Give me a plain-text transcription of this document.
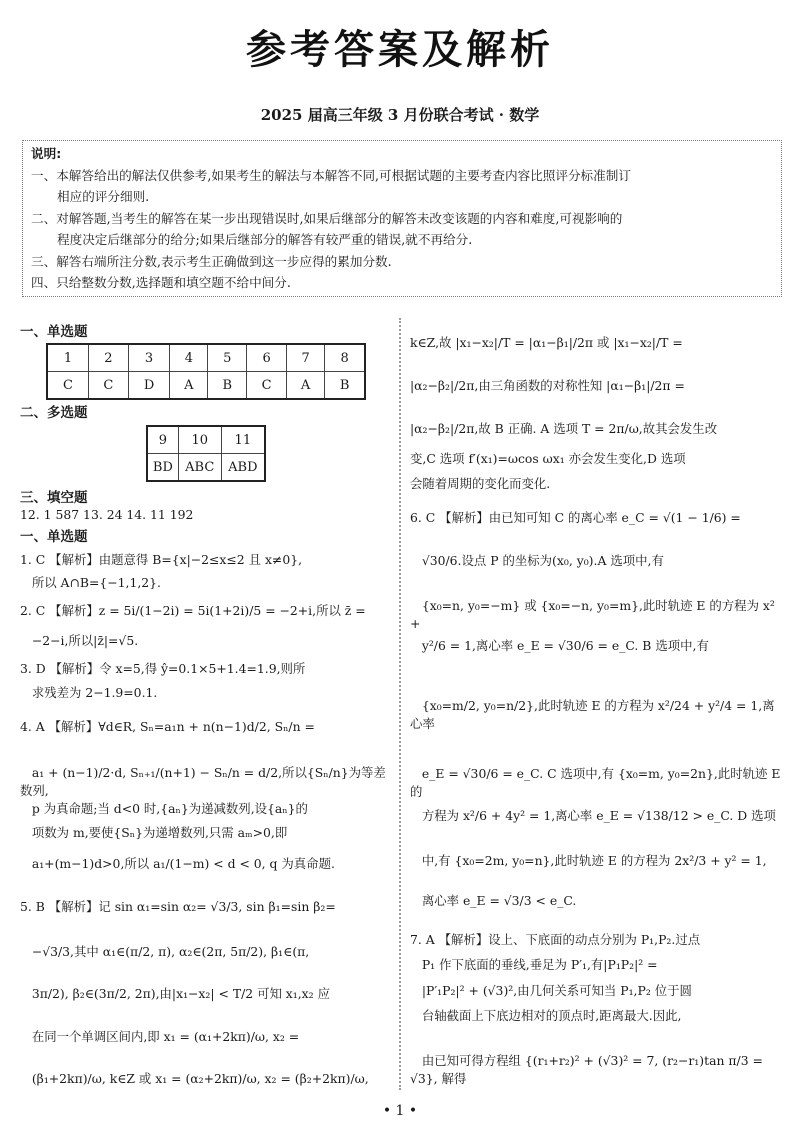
参考答案及解析
2025 届高三年级 3 月份联合考试 · 数学
说明:
一、本解答给出的解法仅供参考,如果考生的解法与本解答不同,可根据试题的主要考查内容比照评分标准制订
相应的评分细则.
二、对解答题,当考生的解答在某一步出现错误时,如果后继部分的解答未改变该题的内容和难度,可视影响的
程度决定后继部分的给分;如果后继部分的解答有较严重的错误,就不再给分.
三、解答右端所注分数,表示考生正确做到这一步应得的累加分数.
四、只给整数分数,选择题和填空题不给中间分.
一、单选题
1	2	3	4	5	6	7	8
C	C	D	A	B	C	A	B
二、多选题
9	10	11
BD	ABC	ABD
三、填空题
12. 1 587 13. 24 14. 11 192
一、单选题
1. C 【解析】由题意得 B={x|−2≤x≤2 且 x≠0},
所以 A∩B={−1,1,2}.
2. C 【解析】z = 5i/(1−2i) = 5i(1+2i)/5 = −2+i,所以 z̄ =
−2−i,所以|z̄|=√5.
3. D 【解析】令 x=5,得 ŷ=0.1×5+1.4=1.9,则所
求残差为 2−1.9=0.1.
4. A 【解析】∀d∈R, Sₙ=a₁n + n(n−1)d/2, Sₙ/n =
a₁ + (n−1)/2·d, Sₙ₊₁/(n+1) − Sₙ/n = d/2,所以{Sₙ/n}为等差数列,
p 为真命题;当 d<0 时,{aₙ}为递减数列,设{aₙ}的
项数为 m,要使{Sₙ}为递增数列,只需 aₘ>0,即
a₁+(m−1)d>0,所以 a₁/(1−m) < d < 0, q 为真命题.
5. B 【解析】记 sin α₁=sin α₂= √3/3, sin β₁=sin β₂=
−√3/3,其中 α₁∈(π/2, π), α₂∈(2π, 5π/2), β₁∈(π,
3π/2), β₂∈(3π/2, 2π),由|x₁−x₂| < T/2 可知 x₁,x₂ 应
在同一个单调区间内,即 x₁ = (α₁+2kπ)/ω, x₂ =
(β₁+2kπ)/ω, k∈Z 或 x₁ = (α₂+2kπ)/ω, x₂ = (β₂+2kπ)/ω,
k∈Z,故 |x₁−x₂|/T = |α₁−β₁|/2π 或 |x₁−x₂|/T =
|α₂−β₂|/2π,由三角函数的对称性知 |α₁−β₁|/2π =
|α₂−β₂|/2π,故 B 正确. A 选项 T = 2π/ω,故其会发生改
变,C 选项 f′(x₁)=ωcos ωx₁ 亦会发生变化,D 选项
会随着周期的变化而变化.
6. C 【解析】由已知可知 C 的离心率 e_C = √(1 − 1/6) =
√30/6.设点 P 的坐标为(x₀, y₀).A 选项中,有
{x₀=n, y₀=−m} 或 {x₀=−n, y₀=m},此时轨迹 E 的方程为 x² +
y²/6 = 1,离心率 e_E = √30/6 = e_C. B 选项中,有
{x₀=m/2, y₀=n/2},此时轨迹 E 的方程为 x²/24 + y²/4 = 1,离心率
e_E = √30/6 = e_C. C 选项中,有 {x₀=m, y₀=2n},此时轨迹 E 的
方程为 x²/6 + 4y² = 1,离心率 e_E = √138/12 > e_C. D 选项
中,有 {x₀=2m, y₀=n},此时轨迹 E 的方程为 2x²/3 + y² = 1,
离心率 e_E = √3/3 < e_C.
7. A 【解析】设上、下底面的动点分别为 P₁,P₂.过点
P₁ 作下底面的垂线,垂足为 P′₁,有|P₁P₂|² =
|P′₁P₂|² + (√3)²,由几何关系可知当 P₁,P₂ 位于圆
台轴截面上下底边相对的顶点时,距离最大.因此,
由已知可得方程组 {(r₁+r₂)² + (√3)² = 7, (r₂−r₁)tan π/3 = √3}, 解得
• 1 •
